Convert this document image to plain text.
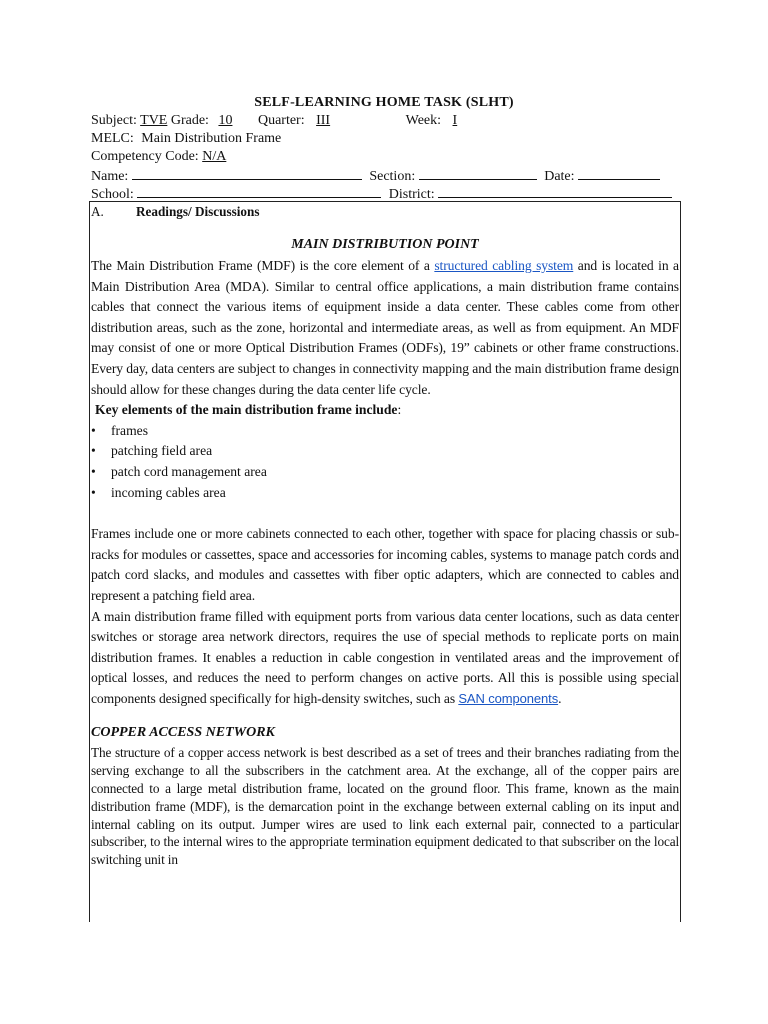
SELF-LEARNING HOME TASK (SLHT)
Subject: TVE Grade: 10 Quarter: III	Week: I
MELC: Main Distribution Frame
Competency Code: N/A
Name:	Section:	Date:
School:	District:
A. Readings/ Discussions
MAIN DISTRIBUTION POINT

The Main Distribution Frame (MDF) is the core element of a structured cabling system and is located in a Main Distribution Area (MDA). Similar to central office applications, a main distribution frame contains cables that connect the various items of equipment inside a data center. These cables come from other distribution areas, such as the zone, horizontal and intermediate areas, as well as from equipment. An MDF may consist of one or more Optical Distribution Frames (ODFs), 19” cabinets or other frame constructions. Every day, data centers are subject to changes in connectivity mapping and the main distribution frame design should allow for these changes during the data center life cycle.

Key elements of the main distribution frame include:
• frames
• patching field area
• patch cord management area
• incoming cables area

Frames include one or more cabinets connected to each other, together with space for placing chassis or sub-racks for modules or cassettes, space and accessories for incoming cables, systems to manage patch cords and patch cord slacks, and modules and cassettes with fiber optic adapters, which are connected to cables and represent a patching field area.

A main distribution frame filled with equipment ports from various data center locations, such as data center switches or storage area network directors, requires the use of special methods to replicate ports on main distribution frames. It enables a reduction in cable congestion in ventilated areas and the improvement of optical losses, and reduces the need to perform changes on active ports. All this is possible using special components designed specifically for high-density switches, such as SAN components.

COPPER ACCESS NETWORK

The structure of a copper access network is best described as a set of trees and their branches radiating from the serving exchange to all the subscribers in the catchment area. At the exchange, all of the copper pairs are connected to a large metal distribution frame, located on the ground floor. This frame, known as the main distribution frame (MDF), is the demarcation point in the exchange between external cabling on its input and internal cabling on its output. Jumper wires are used to link each external pair, connected to a particular subscriber, to the internal wires to the appropriate termination equipment dedicated to that subscriber on the local switching unit in
